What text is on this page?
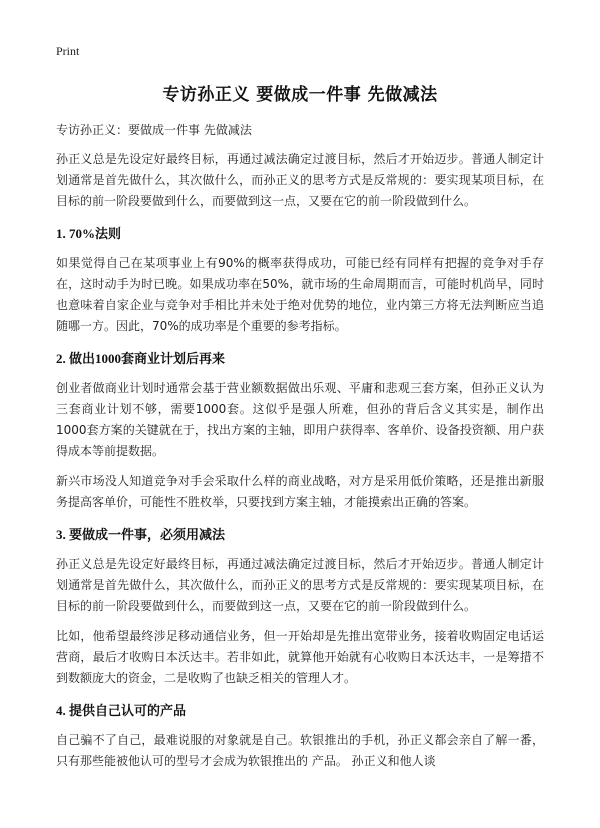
Print
专访孙正义 要做成一件事 先做减法
专访孙正义：要做成一件事 先做减法

孙正义总是先设定好最终目标，再通过减法确定过渡目标，然后才开始迈步。普通人制定计划通常是首先做什么，其次做什么，而孙正义的思考方式是反常规的：要实现某项目标，在目标的前一阶段要做到什么，而要做到这一点，又要在它的前一阶段做到什么。

1. 70%法则

如果觉得自己在某项事业上有90%的概率获得成功，可能已经有同样有把握的竞争对手存在，这时动手为时已晚。如果成功率在50%，就市场的生命周期而言，可能时机尚早，同时也意味着自家企业与竞争对手相比并未处于绝对优势的地位，业内第三方将无法判断应当追随哪一方。因此，70%的成功率是个重要的参考指标。

2. 做出1000套商业计划后再来

创业者做商业计划时通常会基于营业额数据做出乐观、平庸和悲观三套方案，但孙正义认为三套商业计划不够，需要1000套。这似乎是强人所难，但孙的背后含义其实是，制作出1000套方案的关键就在于，找出方案的主轴，即用户获得率、客单价、设备投资额、用户获得成本等前提数据。

新兴市场没人知道竞争对手会采取什么样的商业战略，对方是采用低价策略，还是推出新服务提高客单价，可能性不胜枚举，只要找到方案主轴，才能摸索出正确的答案。

3. 要做成一件事，必须用减法

孙正义总是先设定好最终目标，再通过减法确定过渡目标，然后才开始迈步。普通人制定计划通常是首先做什么，其次做什么，而孙正义的思考方式是反常规的：要实现某项目标，在目标的前一阶段要做到什么，而要做到这一点，又要在它的前一阶段做到什么。

比如，他希望最终涉足移动通信业务，但一开始却是先推出宽带业务，接着收购固定电话运营商，最后才收购日本沃达丰。若非如此，就算他开始就有心收购日本沃达丰，一是筹措不到数额庞大的资金，二是收购了也缺乏相关的管理人才。

4. 提供自己认可的产品

自己骗不了自己，最难说服的对象就是自己。软银推出的手机，孙正义都会亲自了解一番，只有那些能被他认可的型号才会成为软银推出的 产品。 孙正义和他人谈
